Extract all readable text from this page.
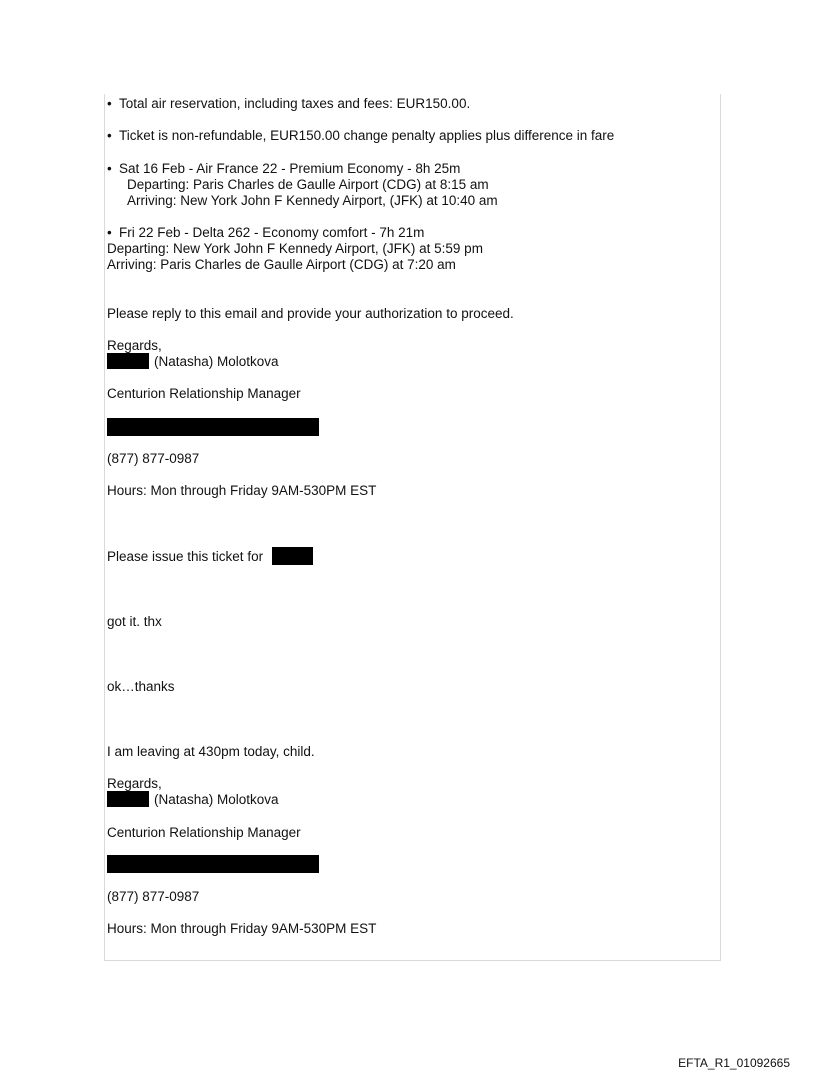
• Total air reservation, including taxes and fees: EUR150.00.
• Ticket is non-refundable, EUR150.00 change penalty applies plus difference in fare
• Sat 16 Feb - Air France 22 - Premium Economy - 8h 25m
Departing: Paris Charles de Gaulle Airport (CDG) at 8:15 am
Arriving: New York John F Kennedy Airport, (JFK) at 10:40 am
• Fri 22 Feb - Delta 262 - Economy comfort - 7h 21m
Departing: New York John F Kennedy Airport, (JFK) at 5:59 pm
Arriving: Paris Charles de Gaulle Airport (CDG) at 7:20 am
Please reply to this email and provide your authorization to proceed.
Regards,
(Natasha) Molotkova
Centurion Relationship Manager
(877) 877-0987
Hours: Mon through Friday 9AM-530PM EST
Please issue this ticket for
got it. thx
ok…thanks
I am leaving at 430pm today, child.
Regards,
(Natasha) Molotkova
Centurion Relationship Manager
(877) 877-0987
Hours: Mon through Friday 9AM-530PM EST
EFTA_R1_01092665
